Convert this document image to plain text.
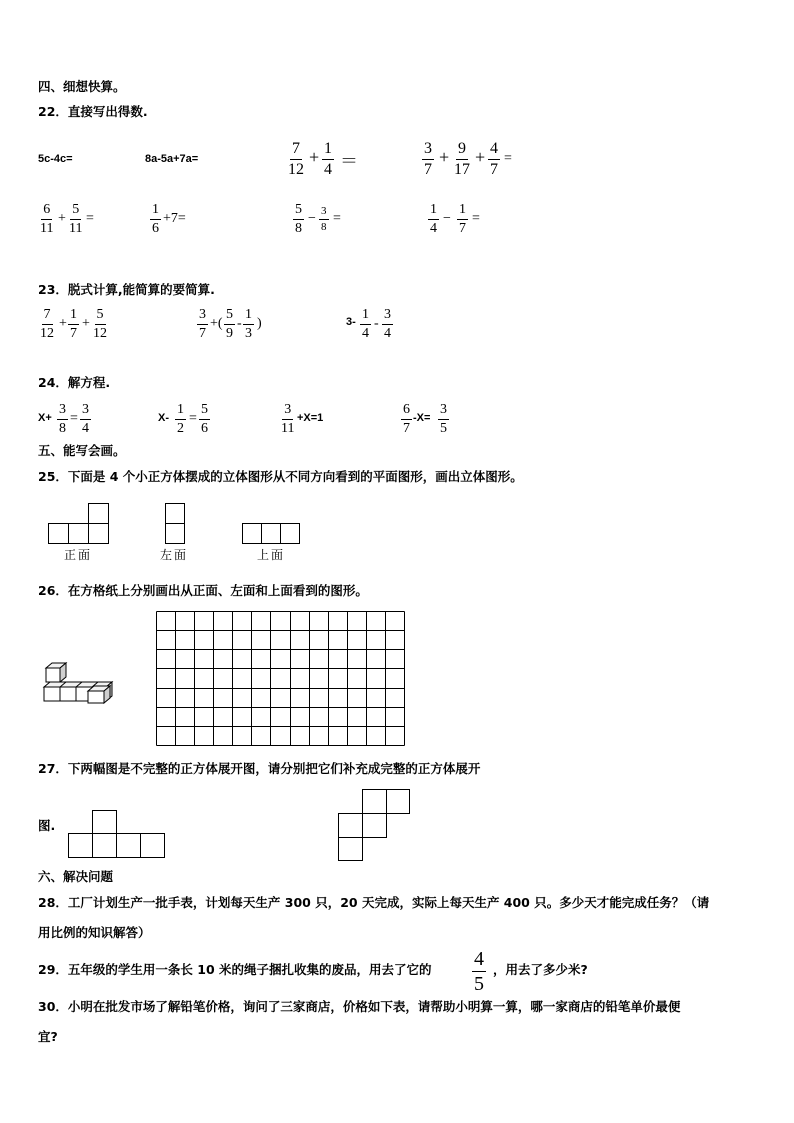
四、细想快算。
22．直接写出得数.
5c-4c=	8a-5a+7a=	$\frac{7}{12} + \frac{1}{4}$ ＝	$\frac{3}{7} + \frac{9}{17} + \frac{4}{7}$ =
$\frac{6}{11} + \frac{5}{11}$ =	$\frac{1}{6} +7=$	$\frac{5}{8} - \frac{3}{8}$ =	$\frac{1}{4} - \frac{1}{7}$ =
23．脱式计算,能简算的要简算.
$\frac{7}{12} + \frac{1}{7} + \frac{5}{12}$	$\frac{3}{7}$ +( $\frac{5}{9} - \frac{1}{3}$ )	$3- \frac{1}{4} - \frac{3}{4}$
24．解方程.
$X+ \frac{3}{8} = \frac{3}{4}$	$X- \frac{1}{2} = \frac{5}{6}$	$\frac{3}{11} +X=1$	$\frac{6}{7} -X= \frac{3}{5}$
五、能写会画。
25．下面是 4 个小正方体摆成的立体图形从不同方向看到的平面图形，画出立体图形。
正面	左面	上面
26．在方格纸上分别画出从正面、左面和上面看到的图形。
27．下两幅图是不完整的正方体展开图，请分别把它们补充成完整的正方体展开
图.
六、解决问题
28．工厂计划生产一批手表，计划每天生产 300 只，20 天完成，实际上每天生产 400 只。多少天才能完成任务？（请
用比例的知识解答）
29．五年级的学生用一条长 10 米的绳子捆扎收集的废品，用去了它的 $\frac{4}{5}$ ，用去了多少米?
30．小明在批发市场了解铅笔价格，询问了三家商店，价格如下表，请帮助小明算一算，哪一家商店的铅笔单价最便
宜?
